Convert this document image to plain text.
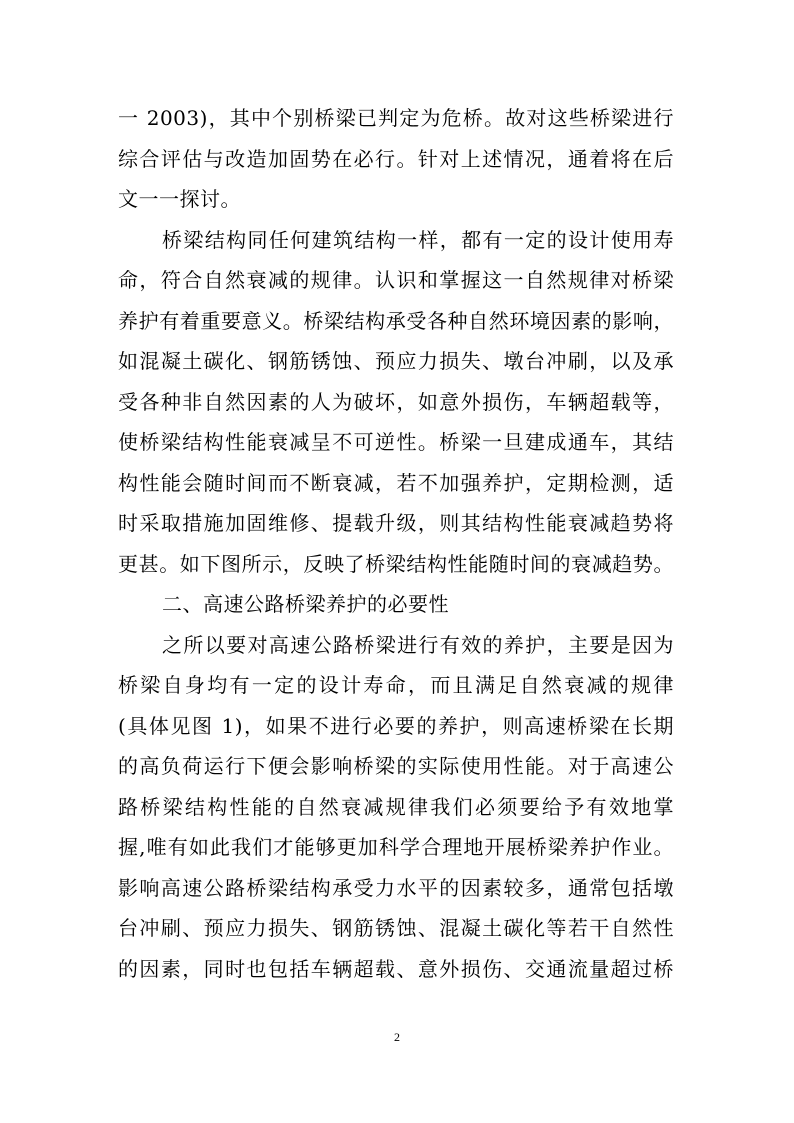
一 2003)，其中个别桥梁已判定为危桥。故对这些桥梁进行
综合评估与改造加固势在必行。针对上述情况，通着将在后
文一一探讨。
桥梁结构同任何建筑结构一样，都有一定的设计使用寿
命，符合自然衰减的规律。认识和掌握这一自然规律对桥梁
养护有着重要意义。桥梁结构承受各种自然环境因素的影响，
如混凝土碳化、钢筋锈蚀、预应力损失、墩台冲刷，以及承
受各种非自然因素的人为破坏，如意外损伤，车辆超载等，
使桥梁结构性能衰减呈不可逆性。桥梁一旦建成通车，其结
构性能会随时间而不断衰减，若不加强养护，定期检测，适
时采取措施加固维修、提载升级，则其结构性能衰减趋势将
更甚。如下图所示，反映了桥梁结构性能随时间的衰减趋势。
二、高速公路桥梁养护的必要性
之所以要对高速公路桥梁进行有效的养护，主要是因为
桥梁自身均有一定的设计寿命，而且满足自然衰减的规律
(具体见图 1)，如果不进行必要的养护，则高速桥梁在长期
的高负荷运行下便会影响桥梁的实际使用性能。对于高速公
路桥梁结构性能的自然衰减规律我们必须要给予有效地掌
握,唯有如此我们才能够更加科学合理地开展桥梁养护作业。
影响高速公路桥梁结构承受力水平的因素较多，通常包括墩
台冲刷、预应力损失、钢筋锈蚀、混凝土碳化等若干自然性
的因素，同时也包括车辆超载、意外损伤、交通流量超过桥
2
